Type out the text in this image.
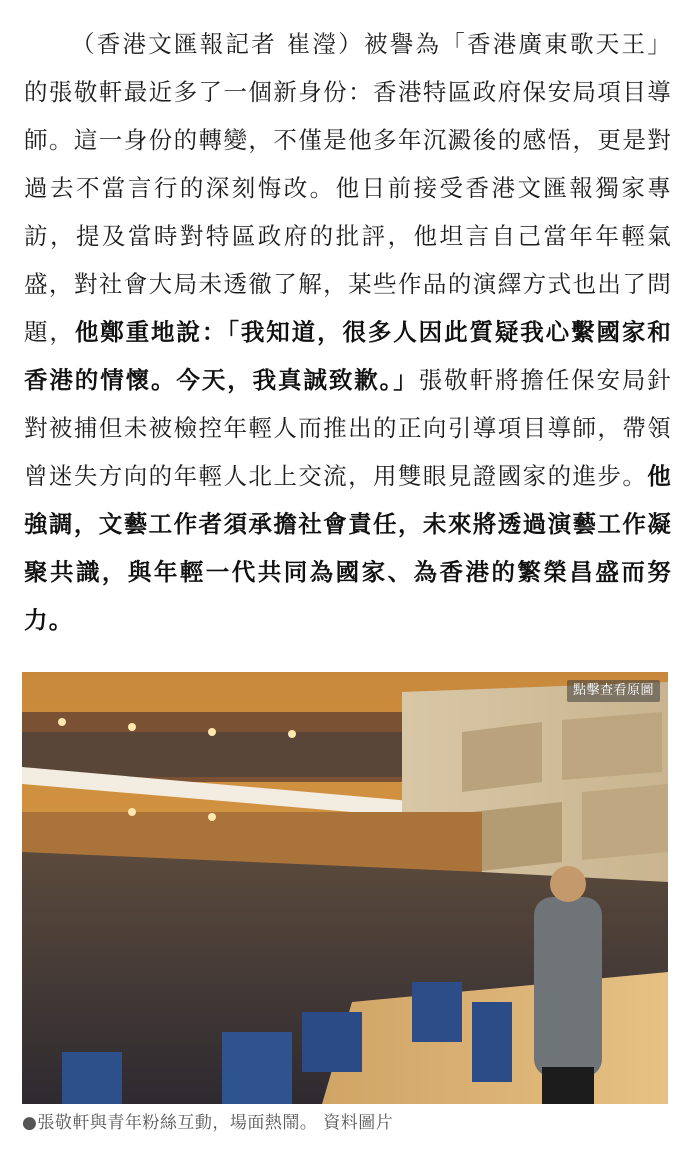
（香港文匯報記者 崔瀅）被譽為「香港廣東歌天王」的張敬軒最近多了一個新身份：香港特區政府保安局項目導師。這一身份的轉變，不僅是他多年沉澱後的感悟，更是對過去不當言行的深刻悔改。他日前接受香港文匯報獨家專訪，提及當時對特區政府的批評，他坦言自己當年年輕氣盛，對社會大局未透徹了解，某些作品的演繹方式也出了問題，他鄭重地說：「我知道，很多人因此質疑我心繫國家和香港的情懷。今天，我真誠致歉。」張敬軒將擔任保安局針對被捕但未被檢控年輕人而推出的正向引導項目導師，帶領曾迷失方向的年輕人北上交流，用雙眼見證國家的進步。他強調，文藝工作者須承擔社會責任，未來將透過演藝工作凝聚共識，與年輕一代共同為國家、為香港的繁榮昌盛而努力。

點擊查看原圖
●張敬軒與青年粉絲互動，場面熱鬧。 資料圖片
